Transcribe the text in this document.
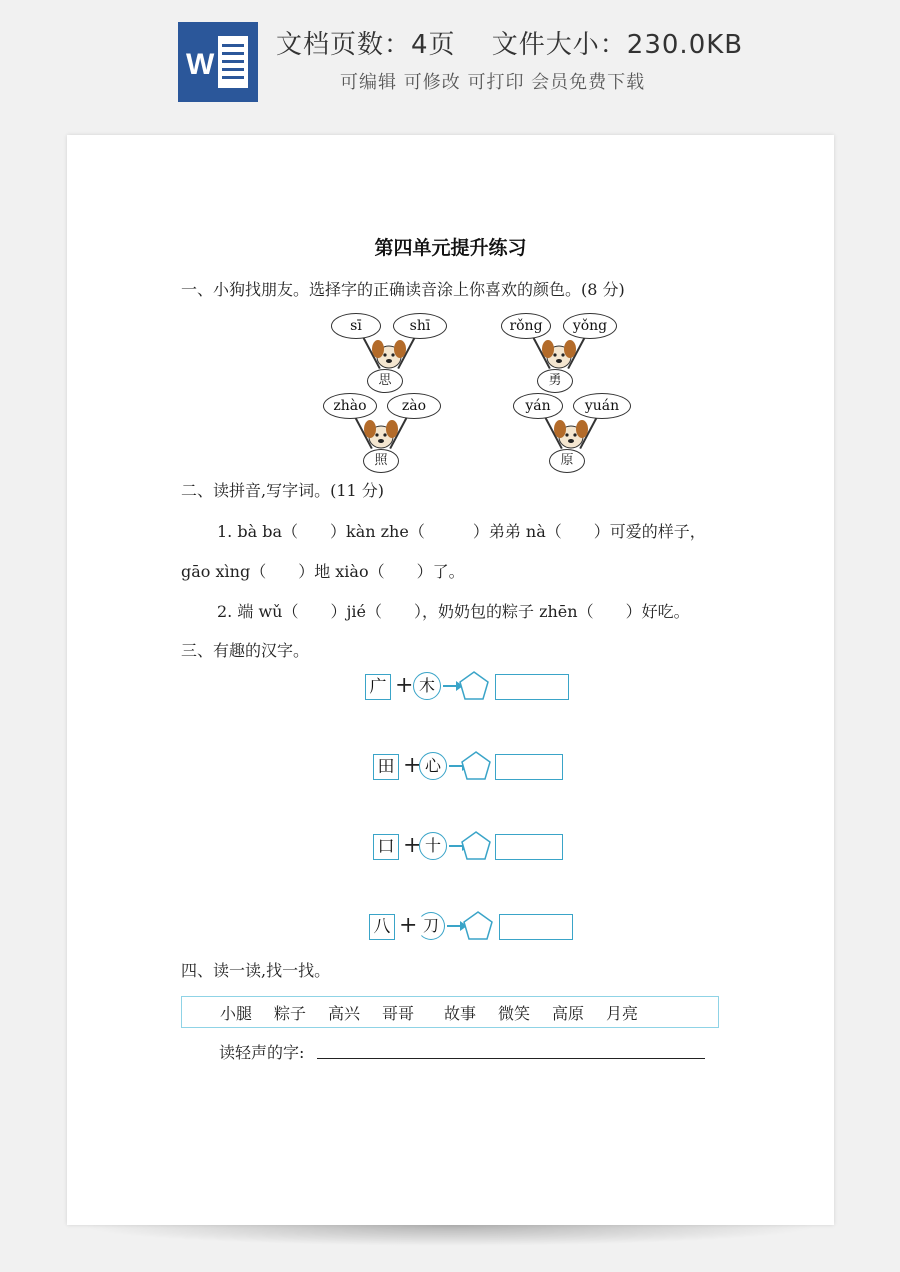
W
文档页数：4页　 文件大小：230.0KB
可编辑 可修改 可打印 会员免费下载
第四单元提升练习
一、小狗找朋友。选择字的正确读音涂上你喜欢的颜色。(8 分)
sī	shī
思
rǒng	yǒng
勇
zhào	zào
照
yán	yuán
原
二、读拼音,写字词。(11 分)
1. bà ba（　　）kàn zhe（　　　）弟弟 nà（　　）可爱的样子，
gāo xìng（　　）地 xiào（　　）了。
2. 端 wǔ（　　）jié（　　），奶奶包的粽子 zhēn（　　）好吃。
三、有趣的汉字。
广 + 木
田 + 心
口 + 十
八 + 刀
四、读一读,找一找。
小腿 粽子 高兴 哥哥 故事 微笑 高原 月亮
读轻声的字:
